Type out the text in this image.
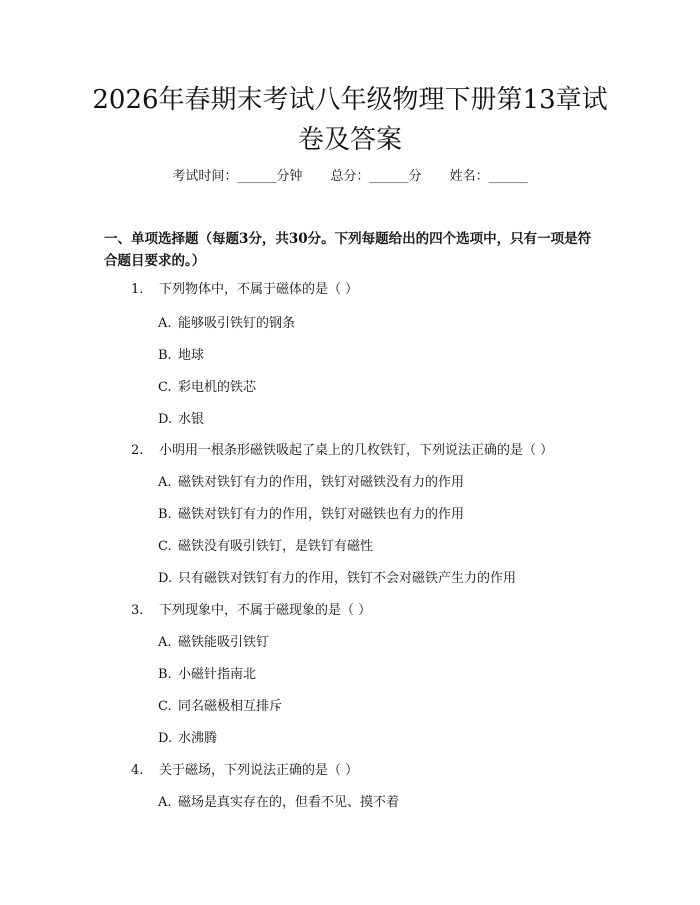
2026年春期末考试八年级物理下册第13章试卷及答案
考试时间：______分钟 总分：______分 姓名：______

一、单项选择题（每题3分，共30分。下列每题给出的四个选项中，只有一项是符合题目要求的。）

1. 下列物体中，不属于磁体的是（ ）
A. 能够吸引铁钉的钢条
B. 地球
C. 彩电机的铁芯
D. 水银
2. 小明用一根条形磁铁吸起了桌上的几枚铁钉，下列说法正确的是（ ）
A. 磁铁对铁钉有力的作用，铁钉对磁铁没有力的作用
B. 磁铁对铁钉有力的作用，铁钉对磁铁也有力的作用
C. 磁铁没有吸引铁钉，是铁钉有磁性
D. 只有磁铁对铁钉有力的作用，铁钉不会对磁铁产生力的作用
3. 下列现象中，不属于磁现象的是（ ）
A. 磁铁能吸引铁钉
B. 小磁针指南北
C. 同名磁极相互排斥
D. 水沸腾
4. 关于磁场，下列说法正确的是（ ）
A. 磁场是真实存在的，但看不见、摸不着
